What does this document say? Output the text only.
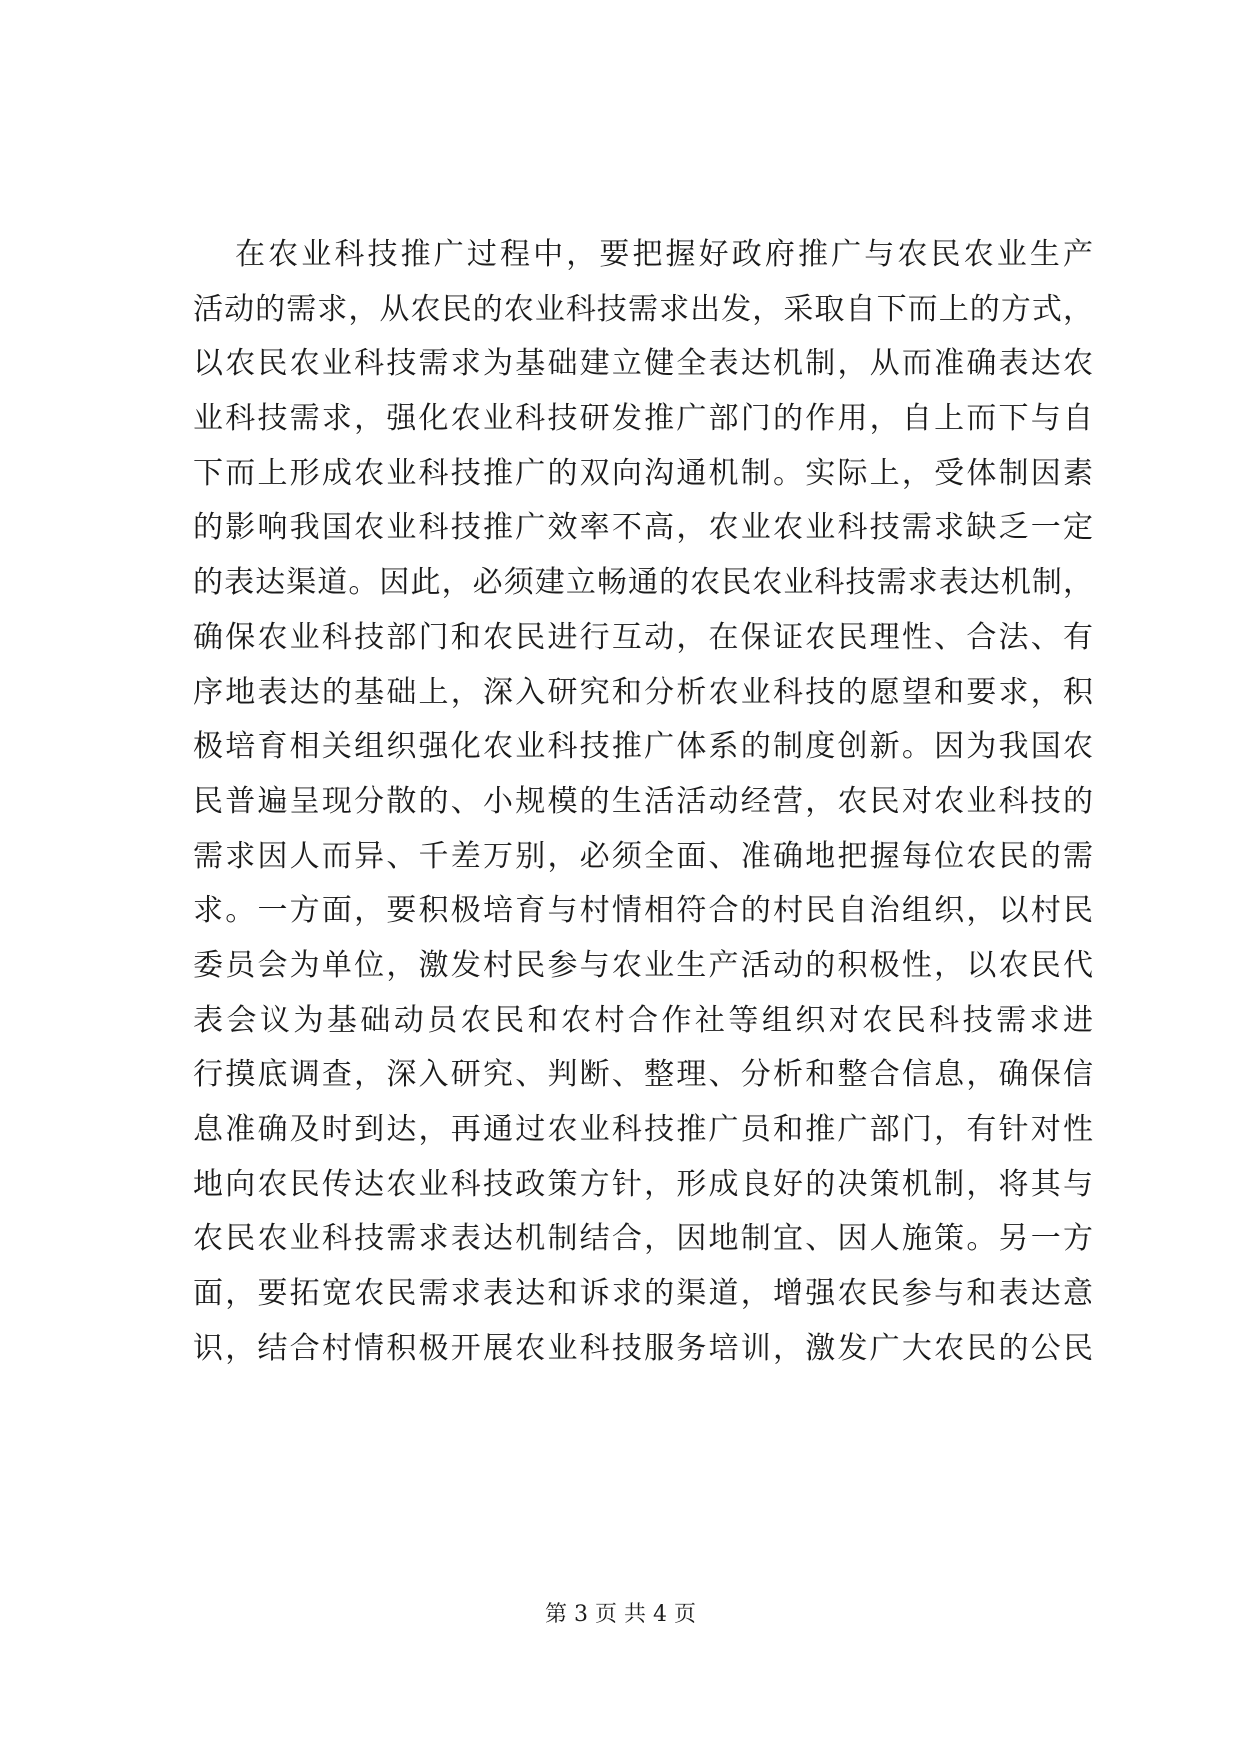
在农业科技推广过程中，要把握好政府推广与农民农业生产
活动的需求，从农民的农业科技需求出发，采取自下而上的方式，
以农民农业科技需求为基础建立健全表达机制，从而准确表达农
业科技需求，强化农业科技研发推广部门的作用，自上而下与自
下而上形成农业科技推广的双向沟通机制。实际上，受体制因素
的影响我国农业科技推广效率不高，农业农业科技需求缺乏一定
的表达渠道。因此，必须建立畅通的农民农业科技需求表达机制，
确保农业科技部门和农民进行互动，在保证农民理性、合法、有
序地表达的基础上，深入研究和分析农业科技的愿望和要求，积
极培育相关组织强化农业科技推广体系的制度创新。因为我国农
民普遍呈现分散的、小规模的生活活动经营，农民对农业科技的
需求因人而异、千差万别，必须全面、准确地把握每位农民的需
求。一方面，要积极培育与村情相符合的村民自治组织，以村民
委员会为单位，激发村民参与农业生产活动的积极性，以农民代
表会议为基础动员农民和农村合作社等组织对农民科技需求进
行摸底调查，深入研究、判断、整理、分析和整合信息，确保信
息准确及时到达，再通过农业科技推广员和推广部门，有针对性
地向农民传达农业科技政策方针，形成良好的决策机制，将其与
农民农业科技需求表达机制结合，因地制宜、因人施策。另一方
面，要拓宽农民需求表达和诉求的渠道，增强农民参与和表达意
识，结合村情积极开展农业科技服务培训，激发广大农民的公民
第 3 页 共 4 页
